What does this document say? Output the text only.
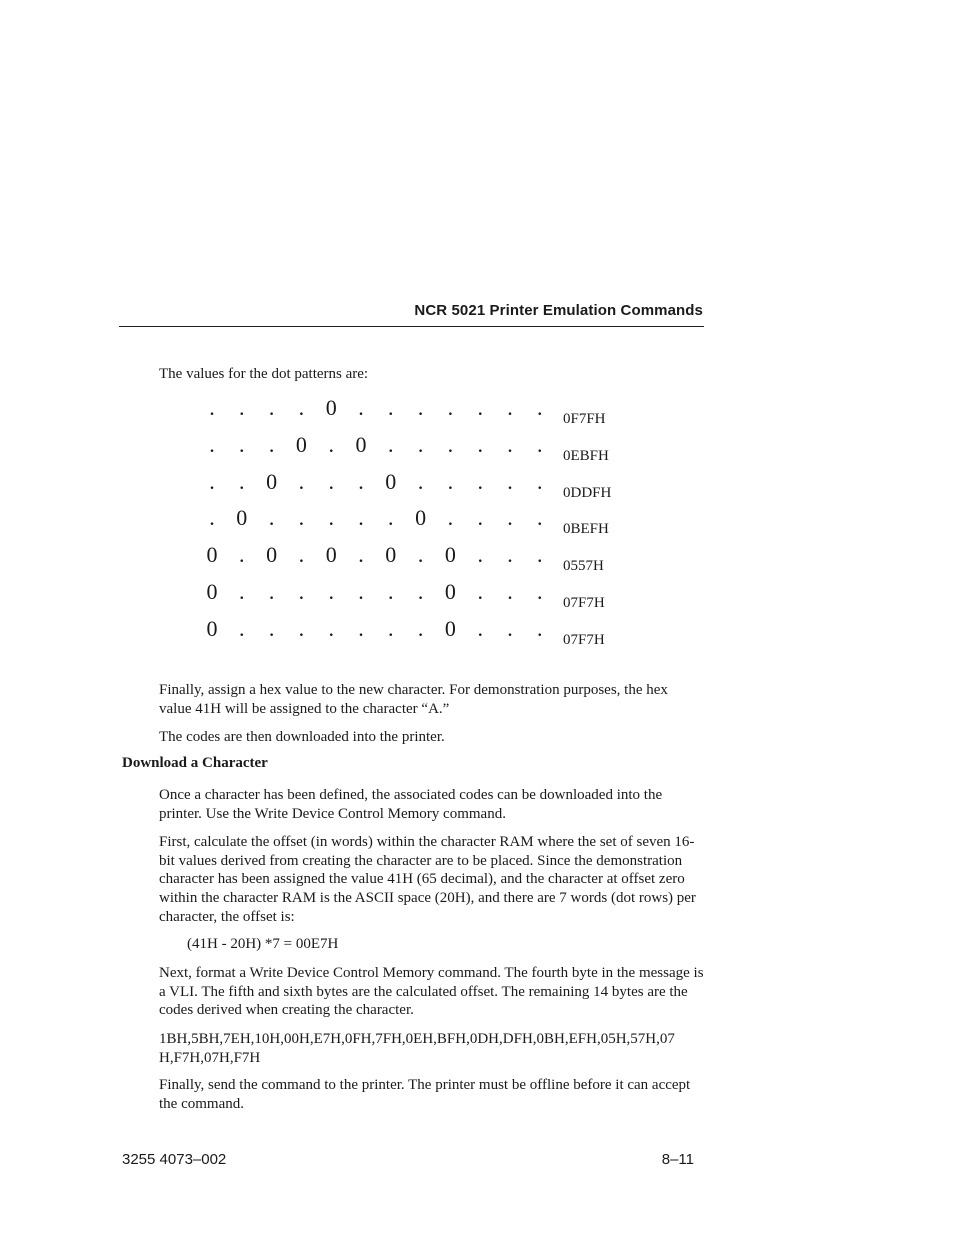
NCR 5021 Printer Emulation Commands

The values for the dot patterns are:

.	.	.	. 0 .	.	.	.	.	.	.	0F7FH
.	.	. 0 . 0 .	.	.	.	.	.	0EBFH
.	. 0 .	.	. 0 .	.	.	.	.	0DDFH
. 0 .	.	.	.	. 0 .	.	.	.	0BEFH
0 . 0 . 0 . 0 . 0 .	.	.	0557H
0 .	.	.	.	.	.	. 0 .	.	.	07F7H
0 .	.	.	.	.	.	. 0 .	.	.	07F7H

Finally, assign a hex value to the new character. For demonstration purposes, the hex value 41H will be assigned to the character “A.”

The codes are then downloaded into the printer.

Download a Character

Once a character has been defined, the associated codes can be downloaded into the printer. Use the Write Device Control Memory command.

First, calculate the offset (in words) within the character RAM where the set of seven 16-bit values derived from creating the character are to be placed. Since the demonstration character has been assigned the value 41H (65 decimal), and the character at offset zero within the character RAM is the ASCII space (20H), and there are 7 words (dot rows) per character, the offset is:

(41H - 20H) *7 = 00E7H

Next, format a Write Device Control Memory command. The fourth byte in the message is a VLI. The fifth and sixth bytes are the calculated offset. The remaining 14 bytes are the codes derived when creating the character.

1BH,5BH,7EH,10H,00H,E7H,0FH,7FH,0EH,BFH,0DH,DFH,0BH,EFH,05H,57H,07
H,F7H,07H,F7H

Finally, send the command to the printer. The printer must be offline before it can accept the command.

3255 4073–002	8–11
